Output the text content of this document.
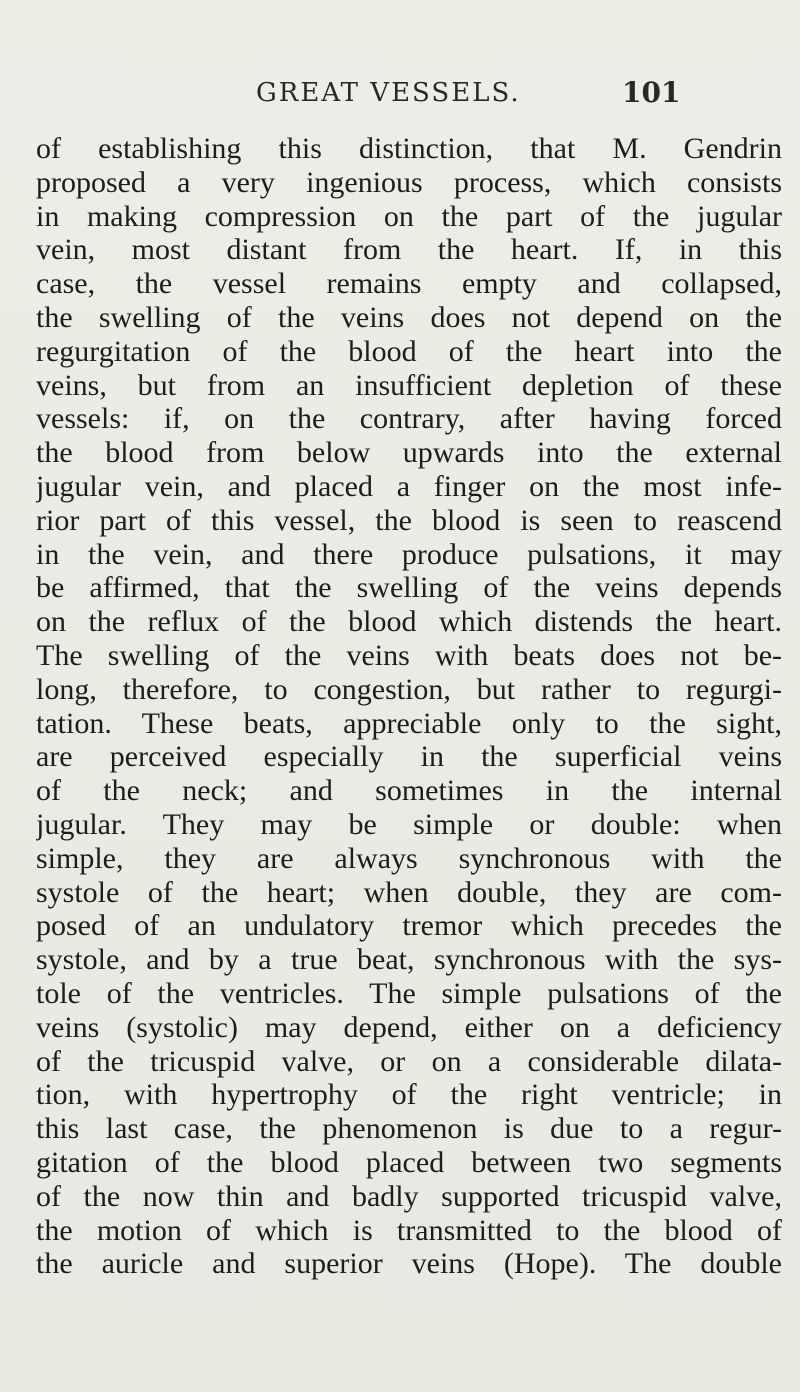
GREAT VESSELS.	101
of establishing this distinction, that M. Gendrin
proposed a very ingenious process, which consists
in making compression on the part of the jugular
vein, most distant from the heart. If, in this
case, the vessel remains empty and collapsed,
the swelling of the veins does not depend on the
regurgitation of the blood of the heart into the
veins, but from an insufficient depletion of these
vessels: if, on the contrary, after having forced
the blood from below upwards into the external
jugular vein, and placed a finger on the most infe-
rior part of this vessel, the blood is seen to reascend
in the vein, and there produce pulsations, it may
be affirmed, that the swelling of the veins depends
on the reflux of the blood which distends the heart.
The swelling of the veins with beats does not be-
long, therefore, to congestion, but rather to regurgi-
tation. These beats, appreciable only to the sight,
are perceived especially in the superficial veins
of the neck; and sometimes in the internal
jugular. They may be simple or double: when
simple, they are always synchronous with the
systole of the heart; when double, they are com-
posed of an undulatory tremor which precedes the
systole, and by a true beat, synchronous with the sys-
tole of the ventricles. The simple pulsations of the
veins (systolic) may depend, either on a deficiency
of the tricuspid valve, or on a considerable dilata-
tion, with hypertrophy of the right ventricle; in
this last case, the phenomenon is due to a regur-
gitation of the blood placed between two segments
of the now thin and badly supported tricuspid valve,
the motion of which is transmitted to the blood of
the auricle and superior veins (Hope). The double
